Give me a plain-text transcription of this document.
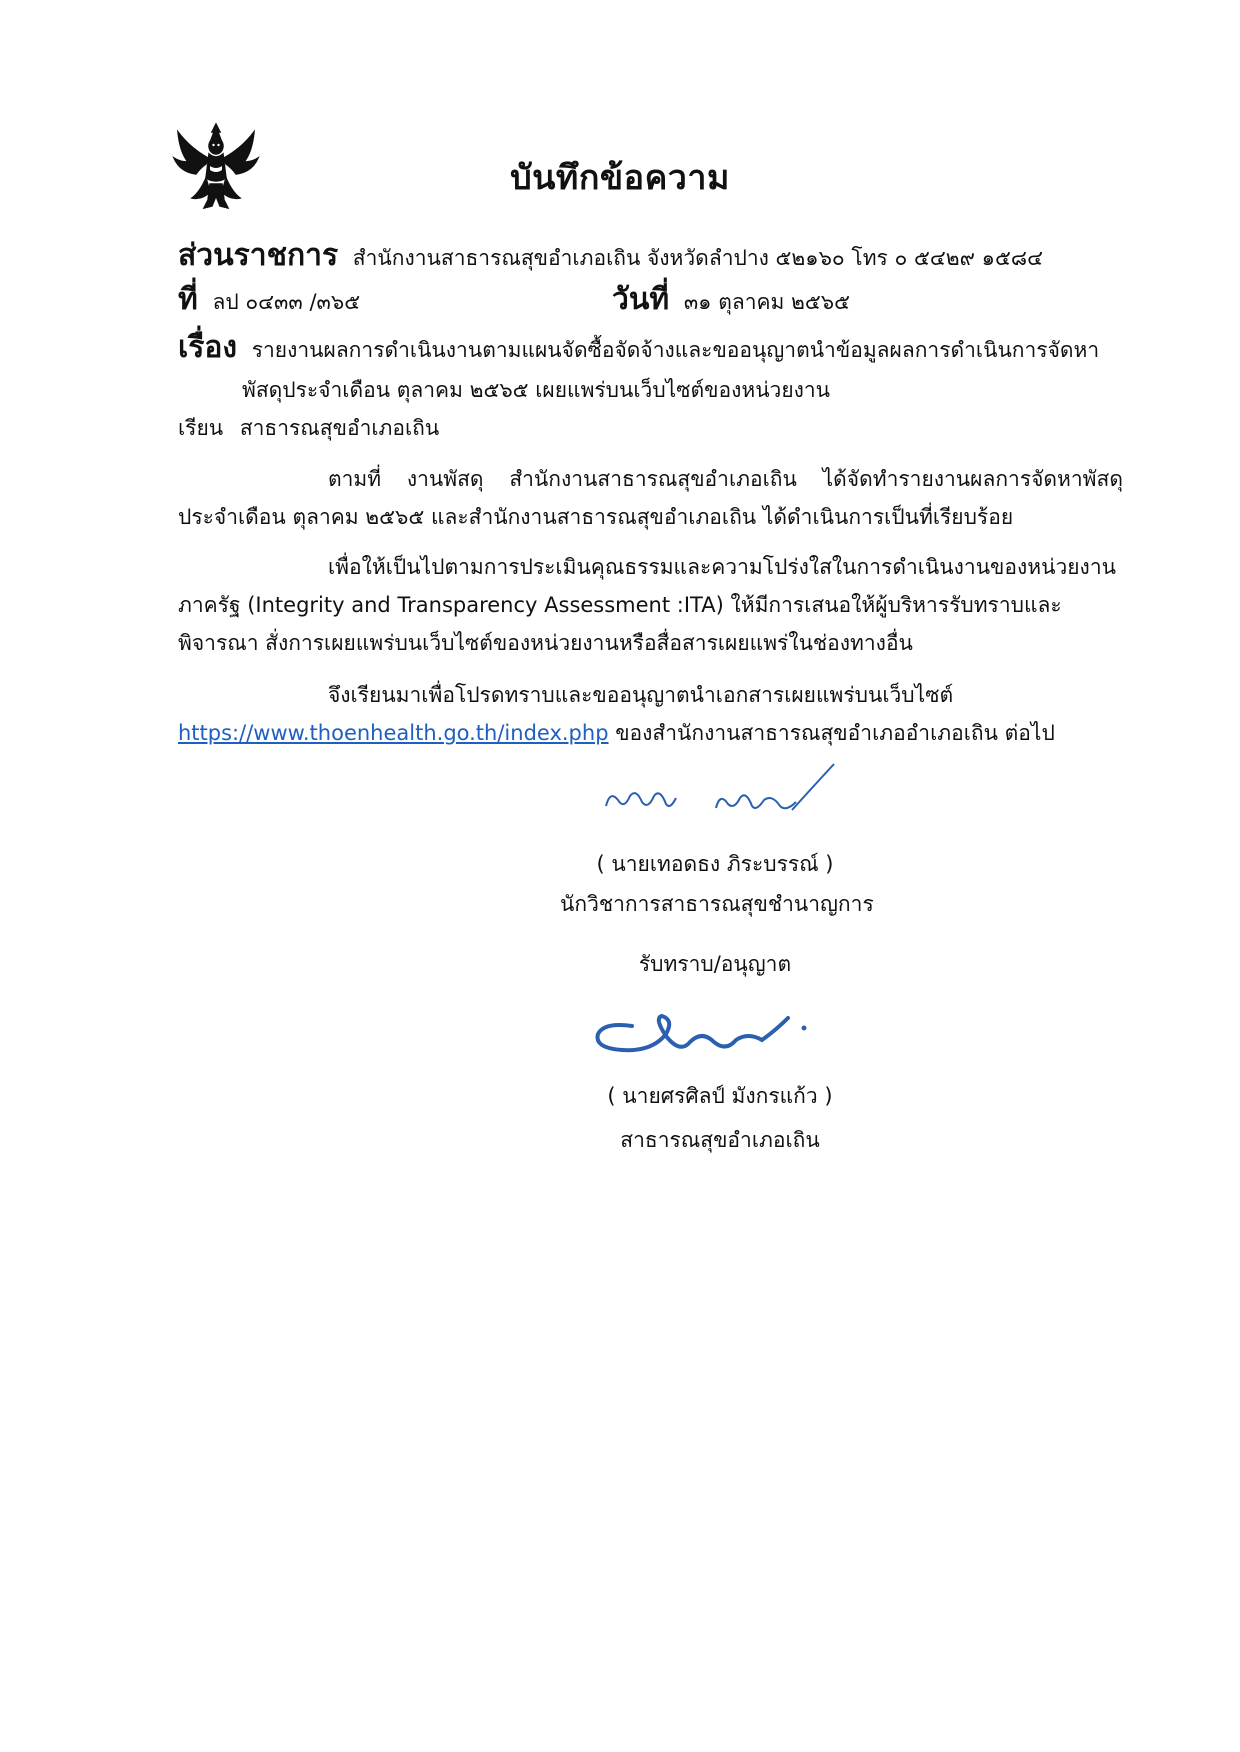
บันทึกข้อความ
ส่วนราชการ สำนักงานสาธารณสุขอำเภอเถิน จังหวัดลำปาง ๕๒๑๖๐ โทร ๐ ๕๔๒๙ ๑๕๘๔
ที่ ลป ๐๔๓๓ /๓๖๕	วันที่ ๓๑ ตุลาคม ๒๕๖๕
เรื่อง รายงานผลการดำเนินงานตามแผนจัดซื้อจัดจ้างและขออนุญาตนำข้อมูลผลการดำเนินการจัดหา
พัสดุประจำเดือน ตุลาคม ๒๕๖๕ เผยแพร่บนเว็บไซต์ของหน่วยงาน
เรียน สาธารณสุขอำเภอเถิน
ตามที่ งานพัสดุ สำนักงานสาธารณสุขอำเภอเถิน ได้จัดทำรายงานผลการจัดหาพัสดุ ประจำเดือน ตุลาคม ๒๕๖๕ และสำนักงานสาธารณสุขอำเภอเถิน ได้ดำเนินการเป็นที่เรียบร้อย
เพื่อให้เป็นไปตามการประเมินคุณธรรมและความโปร่งใสในการดำเนินงานของหน่วยงาน ภาครัฐ (Integrity and Transparency Assessment :ITA) ให้มีการเสนอให้ผู้บริหารรับทราบและพิจารณา สั่งการเผยแพร่บนเว็บไซต์ของหน่วยงานหรือสื่อสารเผยแพร่ในช่องทางอื่น
จึงเรียนมาเพื่อโปรดทราบและขออนุญาตนำเอกสารเผยแพร่บนเว็บไซต์
https://www.thoenhealth.go.th/index.php ของสำนักงานสาธารณสุขอำเภออำเภอเถิน ต่อไป
( นายเทอดธง ภิระบรรณ์ )
นักวิชาการสาธารณสุขชำนาญการ
รับทราบ/อนุญาต
( นายศรศิลป์ มังกรแก้ว )
สาธารณสุขอำเภอเถิน
